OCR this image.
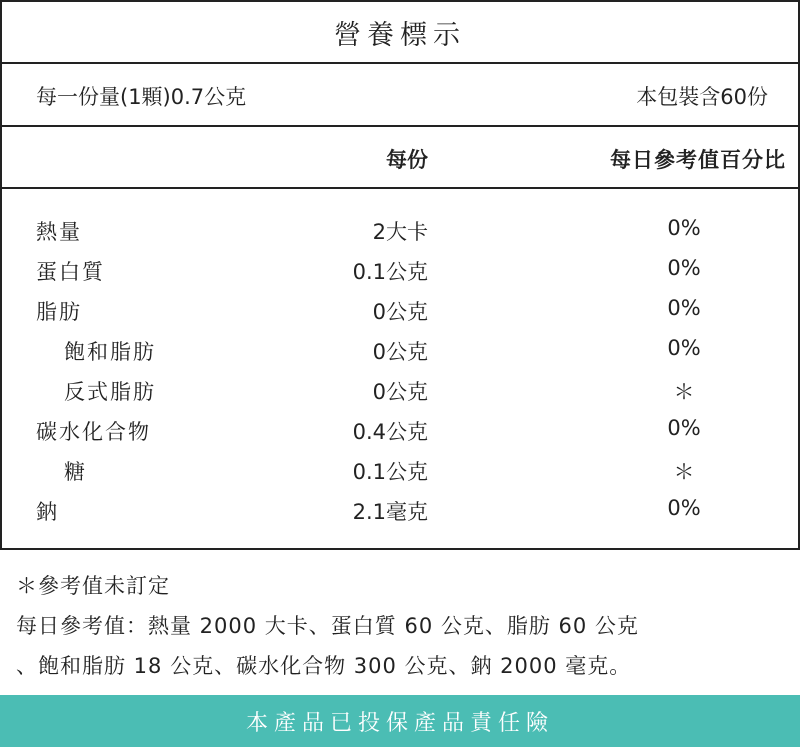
營養標示
每一份量(1顆)0.7公克	本包裝含60份
每份	每日參考值百分比
熱量	2大卡	0%
蛋白質	0.1公克	0%
脂肪	0公克	0%
飽和脂肪	0公克	0%
反式脂肪	0公克	＊
碳水化合物	0.4公克	0%
糖	0.1公克	＊
鈉	2.1毫克	0%
＊參考值未訂定
每日參考值：熱量 2000 大卡、蛋白質 60 公克、脂肪 60 公克
、飽和脂肪 18 公克、碳水化合物 300 公克、鈉 2000 毫克。
本產品已投保產品責任險
